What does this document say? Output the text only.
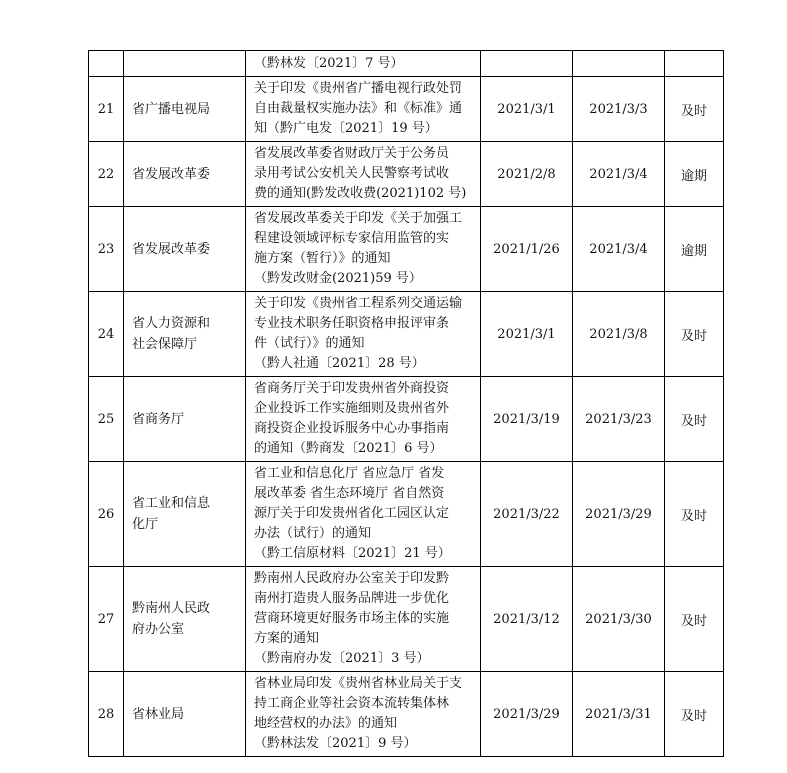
		（黔林发〔2021〕7 号）			

21	省广播电视局	关于印发《贵州省广播电视行政处罚
自由裁量权实施办法》和《标准》通
知（黔广电发〔2021〕19 号）	2021/3/1	2021/3/3	及时
22	省发展改革委	省发展改革委省财政厅关于公务员
录用考试公安机关人民警察考试收
费的通知(黔发改收费(2021)102 号)	2021/2/8	2021/3/4	逾期
23	省发展改革委	省发展改革委关于印发《关于加强工
程建设领域评标专家信用监管的实
施方案（暂行）》的通知
（黔发改财金(2021)59 号）	2021/1/26	2021/3/4	逾期
24	省人力资源和
社会保障厅	关于印发《贵州省工程系列交通运输
专业技术职务任职资格申报评审条
件（试行）》的通知
（黔人社通〔2021〕28 号）	2021/3/1	2021/3/8	及时
25	省商务厅	省商务厅关于印发贵州省外商投资
企业投诉工作实施细则及贵州省外
商投资企业投诉服务中心办事指南
的通知（黔商发〔2021〕6 号）	2021/3/19	2021/3/23	及时
26	省工业和信息
化厅	省工业和信息化厅 省应急厅 省发
展改革委 省生态环境厅 省自然资
源厅关于印发贵州省化工园区认定
办法（试行）的通知
（黔工信原材料〔2021〕21 号）	2021/3/22	2021/3/29	及时
27	黔南州人民政
府办公室	黔南州人民政府办公室关于印发黔
南州打造贵人服务品牌进一步优化
营商环境更好服务市场主体的实施
方案的通知
（黔南府办发〔2021〕3 号）	2021/3/12	2021/3/30	及时
28	省林业局	省林业局印发《贵州省林业局关于支
持工商企业等社会资本流转集体林
地经营权的办法》的通知
（黔林法发〔2021〕9 号）	2021/3/29	2021/3/31	及时
